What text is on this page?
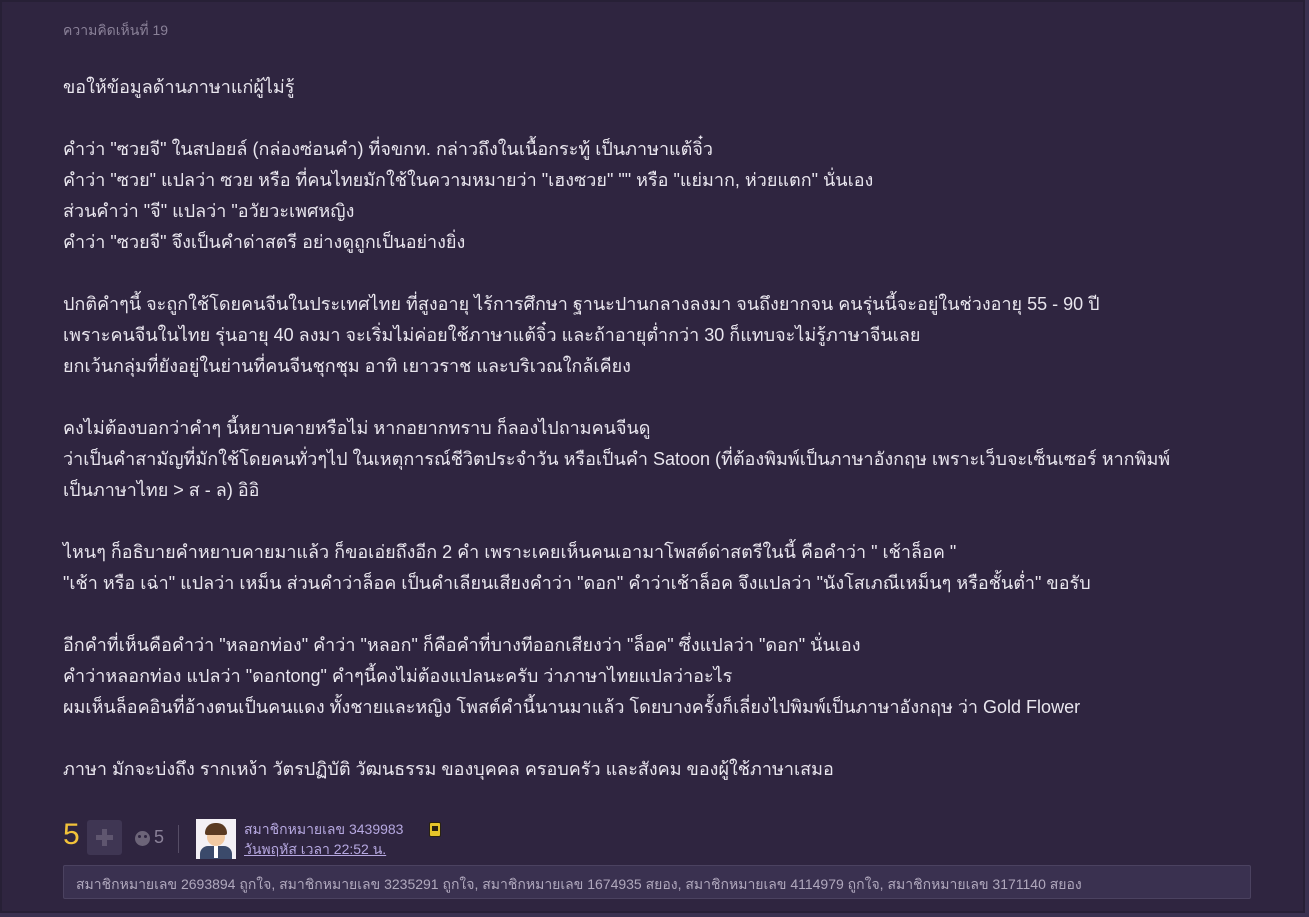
ความคิดเห็นที่ 19
ขอให้ข้อมูลด้านภาษาแก่ผู้ไม่รู้
คำว่า "ซวยจี" ในสปอยล์ (กล่องซ่อนคำ) ที่จขกท. กล่าวถึงในเนื้อกระทู้ เป็นภาษาแต้จิ๋ว
คำว่า "ซวย" แปลว่า ซวย หรือ ที่คนไทยมักใช้ในความหมายว่า "เฮงซวย" "" หรือ "แย่มาก, ห่วยแตก" นั่นเอง
ส่วนคำว่า "จี" แปลว่า "อวัยวะเพศหญิง
คำว่า "ซวยจี" จึงเป็นคำด่าสตรี อย่างดูถูกเป็นอย่างยิ่ง
ปกติคำๆนี้ จะถูกใช้โดยคนจีนในประเทศไทย ที่สูงอายุ ไร้การศึกษา ฐานะปานกลางลงมา จนถึงยากจน คนรุ่นนี้จะอยู่ในช่วงอายุ 55 - 90 ปี
เพราะคนจีนในไทย รุ่นอายุ 40 ลงมา จะเริ่มไม่ค่อยใช้ภาษาแต้จิ๋ว และถ้าอายุต่ำกว่า 30 ก็แทบจะไม่รู้ภาษาจีนเลย
ยกเว้นกลุ่มที่ยังอยู่ในย่านที่คนจีนชุกชุม อาทิ เยาวราช และบริเวณใกล้เคียง
คงไม่ต้องบอกว่าคำๆ นี้หยาบคายหรือไม่ หากอยากทราบ ก็ลองไปถามคนจีนดู
ว่าเป็นคำสามัญที่มักใช้โดยคนทั่วๆไป ในเหตุการณ์ชีวิตประจำวัน หรือเป็นคำ Satoon (ที่ต้องพิมพ์เป็นภาษาอังกฤษ เพราะเว็บจะเซ็นเซอร์ หากพิมพ์
เป็นภาษาไทย > ส - ล) อิอิ
ไหนๆ ก็อธิบายคำหยาบคายมาแล้ว ก็ขอเอ่ยถึงอีก 2 คำ เพราะเคยเห็นคนเอามาโพสต์ด่าสตรีในนี้ คือคำว่า " เช้าล็อค "
"เช้า หรือ เฉ่า" แปลว่า เหม็น ส่วนคำว่าล็อค เป็นคำเลียนเสียงคำว่า "ดอก" คำว่าเช้าล็อค จึงแปลว่า "นังโสเภณีเหม็นๆ หรือชั้นต่ำ" ขอรับ
อีกคำที่เห็นคือคำว่า "หลอกท่อง" คำว่า "หลอก" ก็คือคำที่บางทีออกเสียงว่า "ล็อค" ซึ่งแปลว่า "ดอก" นั่นเอง
คำว่าหลอกท่อง แปลว่า "ดอกtong" คำๆนี้คงไม่ต้องแปลนะครับ ว่าภาษาไทยแปลว่าอะไร
ผมเห็นล็อคอินที่อ้างตนเป็นคนแดง ทั้งชายและหญิง โพสต์คำนี้นานมาแล้ว โดยบางครั้งก็เลี่ยงไปพิมพ์เป็นภาษาอังกฤษ ว่า Gold Flower
ภาษา มักจะบ่งถึง รากเหง้า วัตรปฏิบัติ วัฒนธรรม ของบุคคล ครอบครัว และสังคม ของผู้ใช้ภาษาเสมอ
5	5	สมาชิกหมายเลข 3439983
วันพฤหัส เวลา 22:52 น.
สมาชิกหมายเลข 2693894 ถูกใจ, สมาชิกหมายเลข 3235291 ถูกใจ, สมาชิกหมายเลข 1674935 สยอง, สมาชิกหมายเลข 4114979 ถูกใจ, สมาชิกหมายเลข 3171140 สยอง
